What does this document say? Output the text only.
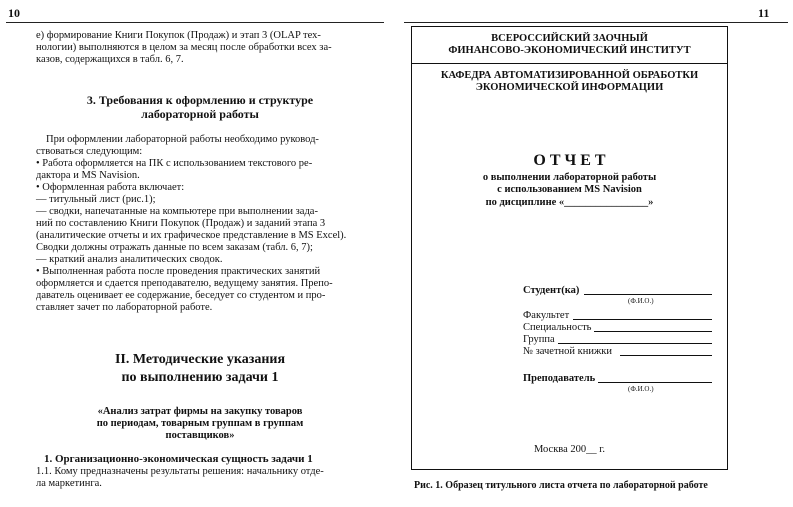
10
е) формирование Книги Покупок (Продаж) и этап 3 (OLAP тех-
нологии) выполняются в целом за месяц после обработки всех за-
казов, содержащихся в табл. 6, 7.
3. Требования к оформлению и структуре
лабораторной работы
При оформлении лабораторной работы необходимо руковод-
ствоваться следующим:
• Работа оформляется на ПК с использованием текстового ре-
дактора и MS Navision.
• Оформленная работа включает:
— титульный лист (рис.1);
— сводки, напечатанные на компьютере при выполнении зада-
ний по составлению Книги Покупок (Продаж) и заданий этапа 3
(аналитические отчеты и их графическое представление в MS Excel).
Сводки должны отражать данные по всем заказам (табл. 6, 7);
— краткий анализ аналитических сводок.
• Выполненная работа после проведения практических занятий
оформляется и сдается преподавателю, ведущему занятия. Препо-
даватель оценивает ее содержание, беседует со студентом и про-
ставляет зачет по лабораторной работе.
II. Методические указания
по выполнению задачи 1
«Анализ затрат фирмы на закупку товаров
по периодам, товарным группам в группам
поставщиков»
1. Организационно-экономическая сущность задачи 1
1.1. Кому предназначены результаты решения: начальнику отде-
ла маркетинга.
11
ВСЕРОССИЙСКИЙ ЗАОЧНЫЙ
ФИНАНСОВО-ЭКОНОМИЧЕСКИЙ ИНСТИТУТ
КАФЕДРА АВТОМАТИЗИРОВАННОЙ ОБРАБОТКИ
ЭКОНОМИЧЕСКОЙ ИНФОРМАЦИИ
О Т Ч Е Т
о выполнении лабораторной работы
с использованием MS Navision
по дисциплине «________________»
Студент(ка)
(Ф.И.О.)
Факультет
Специальность
Группа
№ зачетной книжки
Преподаватель
(Ф.И.О.)
Москва 200__ г.
Рис. 1. Образец титульного листа отчета по лабораторной работе
